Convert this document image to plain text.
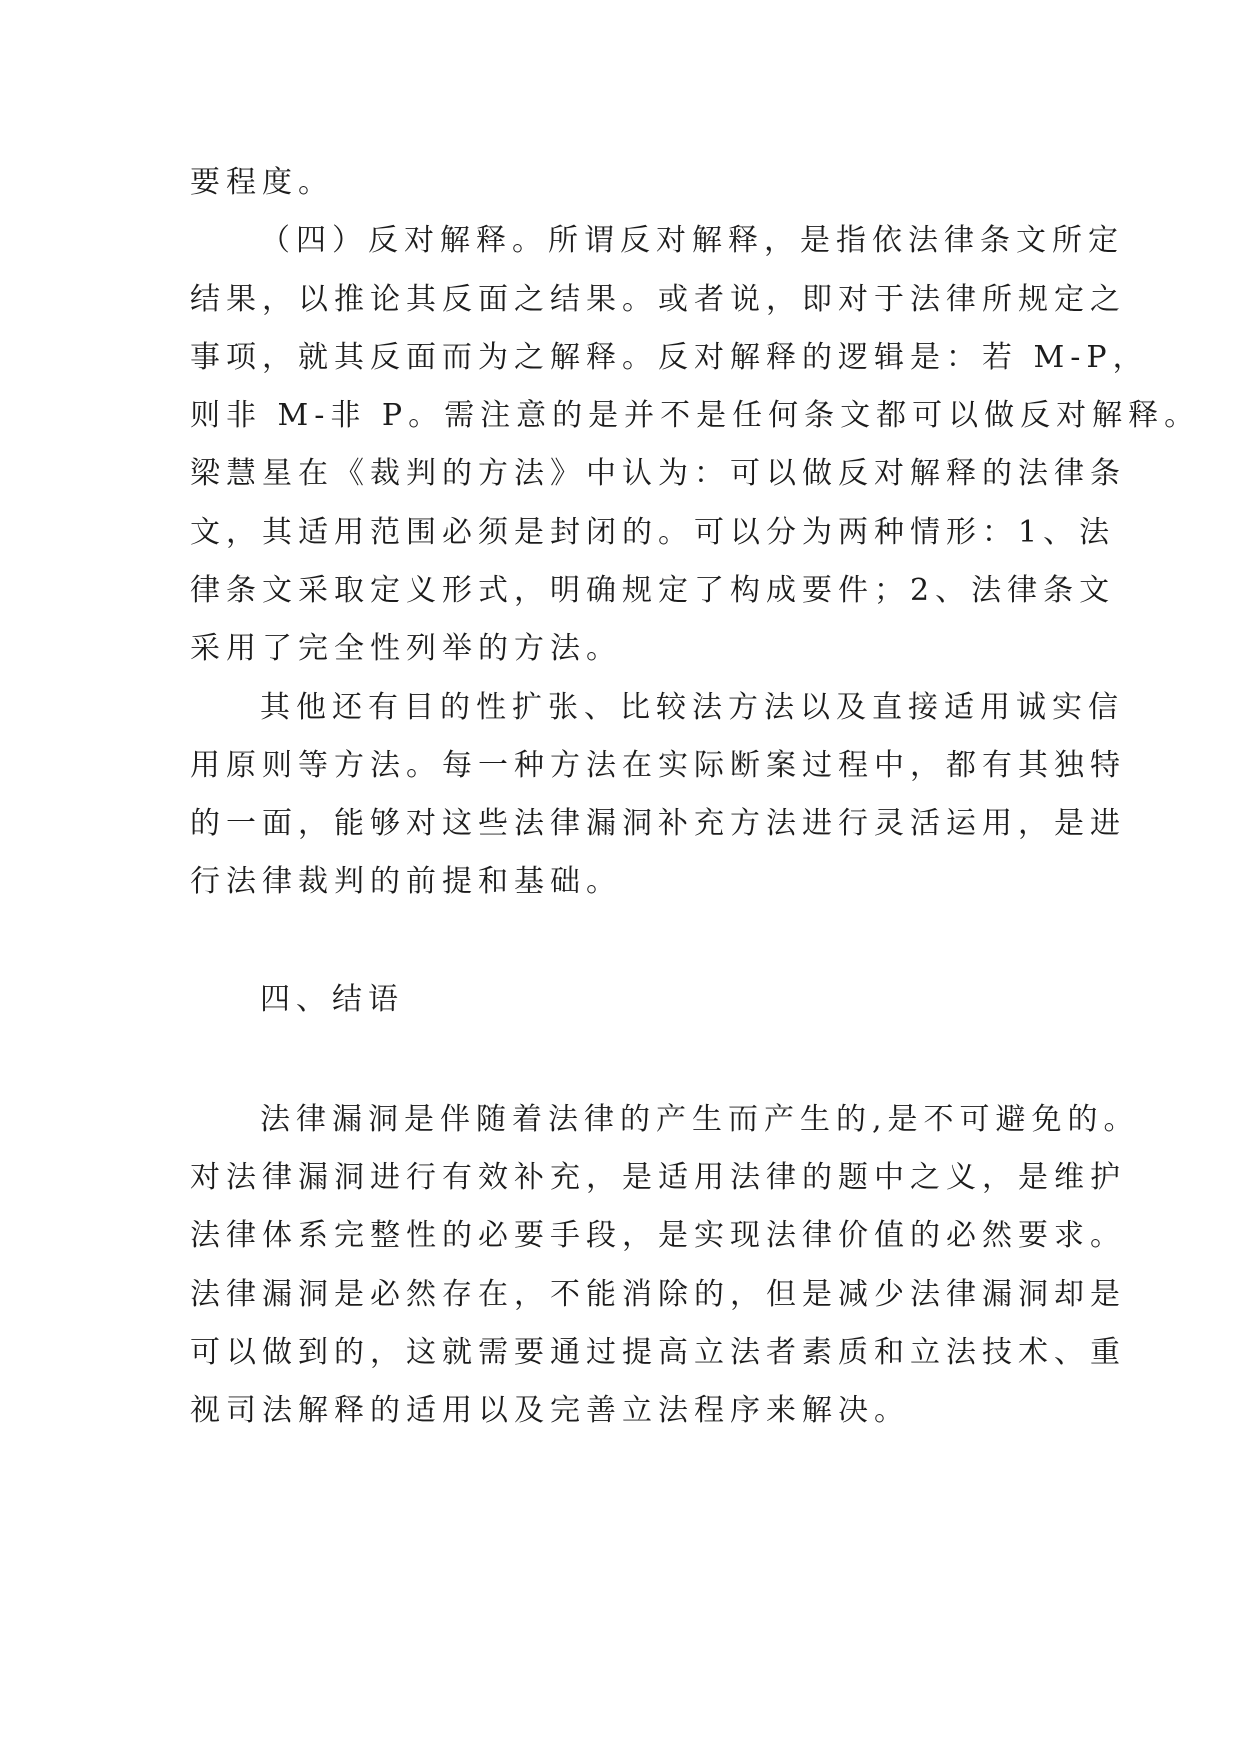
要程度。

（四）反对解释。所谓反对解释，是指依法律条文所定

结果，以推论其反面之结果。或者说，即对于法律所规定之

事项，就其反面而为之解释。反对解释的逻辑是：若 M-P，

则非 M-非 P。需注意的是并不是任何条文都可以做反对解释。

梁慧星在《裁判的方法》中认为：可以做反对解释的法律条

文，其适用范围必须是封闭的。可以分为两种情形：1、法

律条文采取定义形式，明确规定了构成要件；2、法律条文

采用了完全性列举的方法。

其他还有目的性扩张、比较法方法以及直接适用诚实信

用原则等方法。每一种方法在实际断案过程中，都有其独特

的一面，能够对这些法律漏洞补充方法进行灵活运用，是进

行法律裁判的前提和基础。

四、结语

法律漏洞是伴随着法律的产生而产生的,是不可避免的。

对法律漏洞进行有效补充，是适用法律的题中之义，是维护

法律体系完整性的必要手段，是实现法律价值的必然要求。

法律漏洞是必然存在，不能消除的，但是减少法律漏洞却是

可以做到的，这就需要通过提高立法者素质和立法技术、重

视司法解释的适用以及完善立法程序来解决。
